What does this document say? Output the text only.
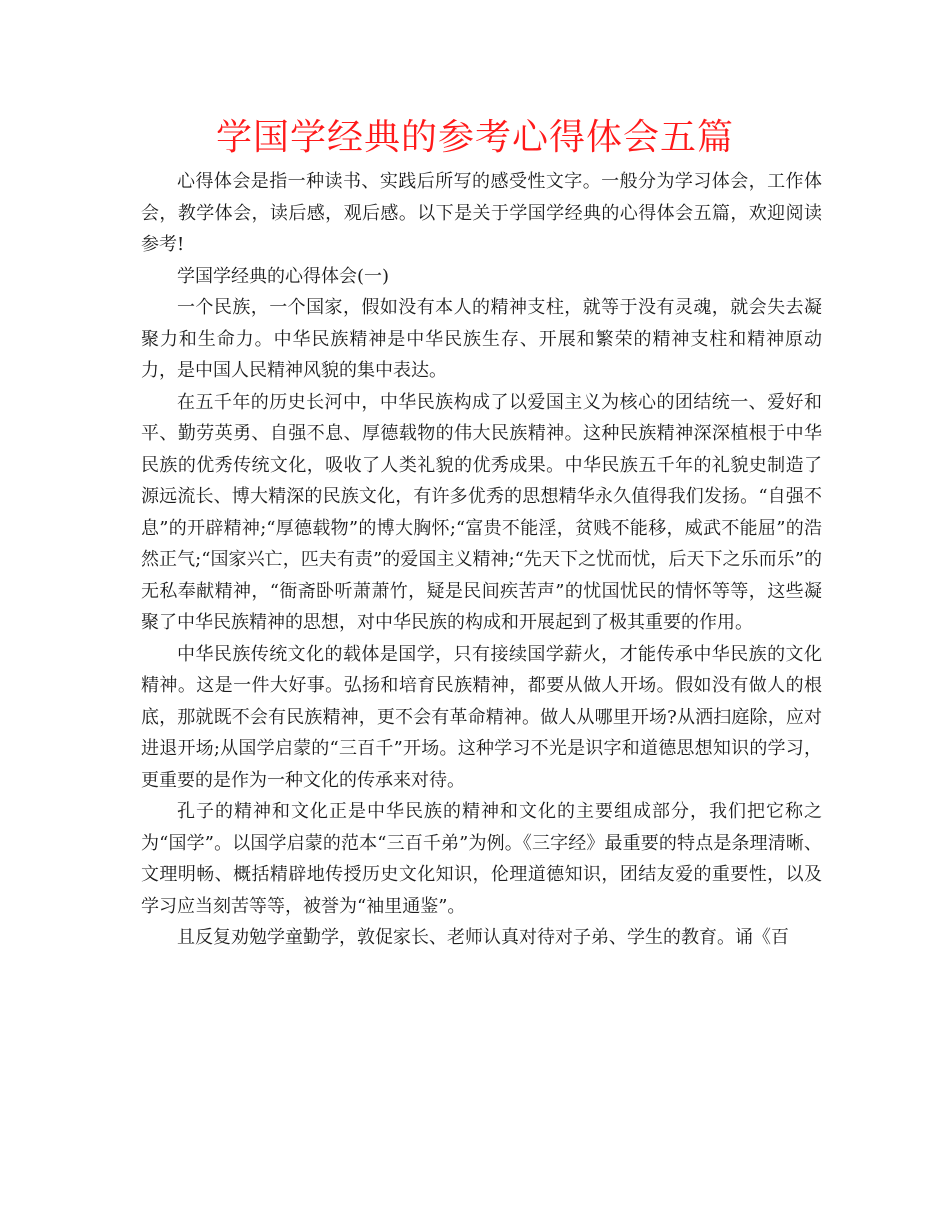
学国学经典的参考心得体会五篇

心得体会是指一种读书、实践后所写的感受性文字。一般分为学习体会，工作体会，教学体会，读后感，观后感。以下是关于学国学经典的心得体会五篇，欢迎阅读参考!

学国学经典的心得体会(一)

一个民族，一个国家，假如没有本人的精神支柱，就等于没有灵魂，就会失去凝聚力和生命力。中华民族精神是中华民族生存、开展和繁荣的精神支柱和精神原动力，是中国人民精神风貌的集中表达。

在五千年的历史长河中，中华民族构成了以爱国主义为核心的团结统一、爱好和平、勤劳英勇、自强不息、厚德载物的伟大民族精神。这种民族精神深深植根于中华民族的优秀传统文化，吸收了人类礼貌的优秀成果。中华民族五千年的礼貌史制造了源远流长、博大精深的民族文化，有许多优秀的思想精华永久值得我们发扬。“自强不息”的开辟精神;“厚德载物”的博大胸怀;“富贵不能淫，贫贱不能移，威武不能屈”的浩然正气;“国家兴亡，匹夫有责”的爱国主义精神;“先天下之忧而忧，后天下之乐而乐”的无私奉献精神，“衙斋卧听萧萧竹，疑是民间疾苦声”的忧国忧民的情怀等等，这些凝聚了中华民族精神的思想，对中华民族的构成和开展起到了极其重要的作用。

中华民族传统文化的载体是国学，只有接续国学薪火，才能传承中华民族的文化精神。这是一件大好事。弘扬和培育民族精神，都要从做人开场。假如没有做人的根底，那就既不会有民族精神，更不会有革命精神。做人从哪里开场?从洒扫庭除，应对进退开场;从国学启蒙的“三百千”开场。这种学习不光是识字和道德思想知识的学习，更重要的是作为一种文化的传承来对待。

孔子的精神和文化正是中华民族的精神和文化的主要组成部分，我们把它称之为“国学”。以国学启蒙的范本“三百千弟”为例。《三字经》最重要的特点是条理清晰、文理明畅、概括精辟地传授历史文化知识，伦理道德知识，团结友爱的重要性，以及学习应当刻苦等等，被誉为“袖里通鉴”。

且反复劝勉学童勤学，敦促家长、老师认真对待对子弟、学生的教育。诵《百
